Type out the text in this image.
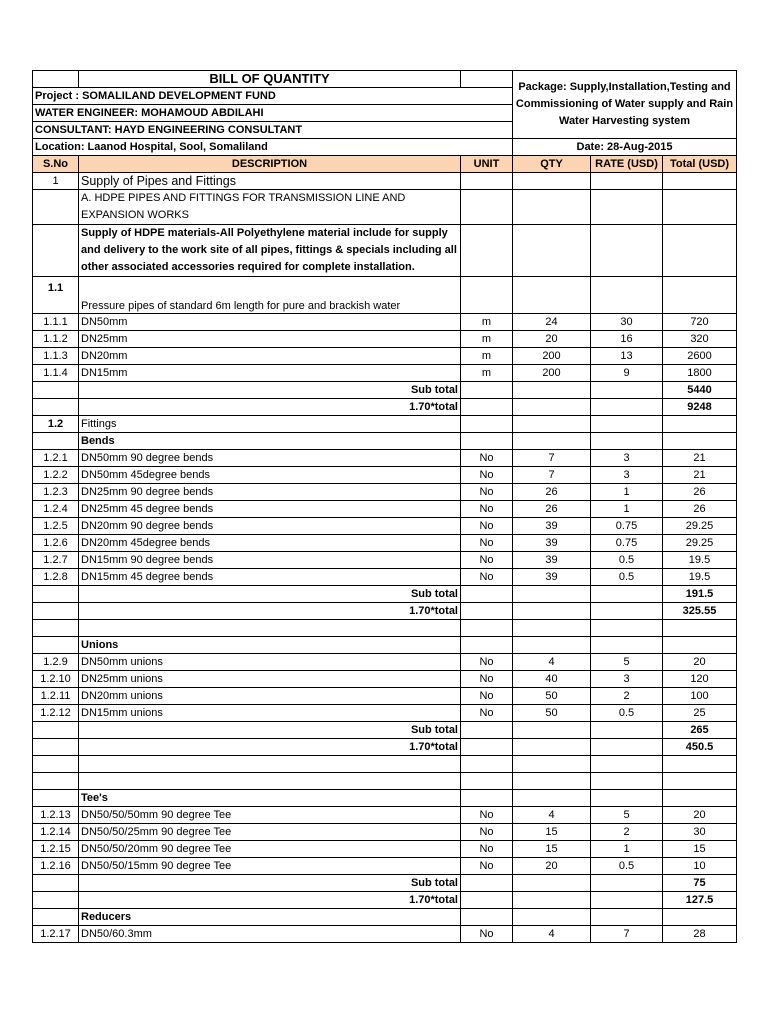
	BILL OF QUANTITY		Package: Supply,Installation,Testing and Commissioning of Water supply and Rain Water Harvesting system		
Project : SOMALILAND DEVELOPMENT FUND					
WATER ENGINEER: MOHAMOUD ABDILAHI					
CONSULTANT: HAYD ENGINEERING CONSULTANT					
Location: Laanod Hospital, Sool, Somaliland			Date: 28-Aug-2015		
S.No	DESCRIPTION	UNIT	QTY	RATE (USD)	Total (USD)
1	Supply of Pipes and Fittings				
	A. HDPE PIPES AND FITTINGS FOR TRANSMISSION LINE AND EXPANSION WORKS				
	Supply of HDPE materials-All Polyethylene material include for supply and delivery to the work site of all pipes, fittings & specials including all other associated accessories required for complete installation.				
1.1	Pressure pipes of standard 6m length for pure and brackish water				
1.1.1	DN50mm	m	24	30	720
1.1.2	DN25mm	m	20	16	320
1.1.3	DN20mm	m	200	13	2600
1.1.4	DN15mm	m	200	9	1800
	Sub total				5440
	1.70*total				9248
1.2	Fittings				
	Bends				
1.2.1	DN50mm 90 degree bends	No	7	3	21
1.2.2	DN50mm 45degree bends	No	7	3	21
1.2.3	DN25mm 90 degree bends	No	26	1	26
1.2.4	DN25mm 45 degree bends	No	26	1	26
1.2.5	DN20mm 90 degree bends	No	39	0.75	29.25
1.2.6	DN20mm 45degree bends	No	39	0.75	29.25
1.2.7	DN15mm 90 degree bends	No	39	0.5	19.5
1.2.8	DN15mm 45 degree bends	No	39	0.5	19.5
	Sub total				191.5
	1.70*total				325.55

	Unions				
1.2.9	DN50mm unions	No	4	5	20
1.2.10	DN25mm unions	No	40	3	120
1.2.11	DN20mm unions	No	50	2	100
1.2.12	DN15mm unions	No	50	0.5	25
	Sub total				265
	1.70*total				450.5

	Tee's				
1.2.13	DN50/50/50mm 90 degree Tee	No	4	5	20
1.2.14	DN50/50/25mm 90 degree Tee	No	15	2	30
1.2.15	DN50/50/20mm 90 degree Tee	No	15	1	15
1.2.16	DN50/50/15mm 90 degree Tee	No	20	0.5	10
	Sub total				75
	1.70*total				127.5
	Reducers				
1.2.17	DN50/60.3mm	No	4	7	28
